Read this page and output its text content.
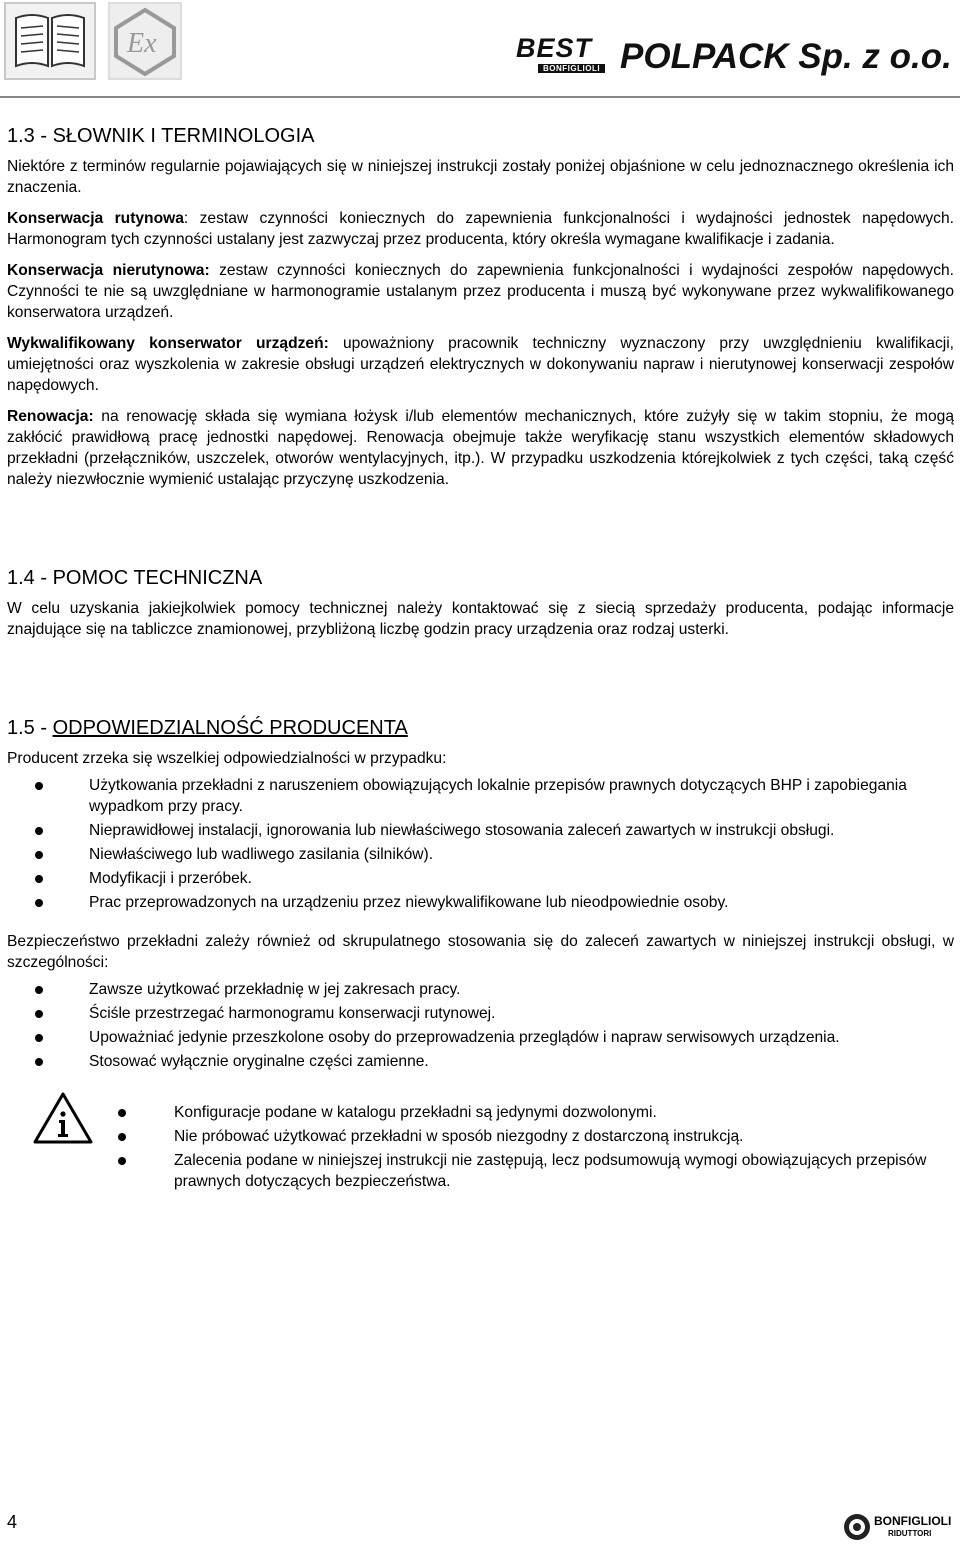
Ex	BEST
BONFIGLIOLI POLPACK Sp. z o.o.
1.3 - SŁOWNIK I TERMINOLOGIA

Niektóre z terminów regularnie pojawiających się w niniejszej instrukcji zostały poniżej objaśnione w celu jednoznacznego określenia ich znaczenia.

Konserwacja rutynowa: zestaw czynności koniecznych do zapewnienia funkcjonalności i wydajności jednostek napędowych. Harmonogram tych czynności ustalany jest zazwyczaj przez producenta, który określa wymagane kwalifikacje i zadania.

Konserwacja nierutynowa: zestaw czynności koniecznych do zapewnienia funkcjonalności i wydajności zespołów napędowych. Czynności te nie są uwzględniane w harmonogramie ustalanym przez producenta i muszą być wykonywane przez wykwalifikowanego konserwatora urządzeń.

Wykwalifikowany konserwator urządzeń: upoważniony pracownik techniczny wyznaczony przy uwzględnieniu kwalifikacji, umiejętności oraz wyszkolenia w zakresie obsługi urządzeń elektrycznych w dokonywaniu napraw i nierutynowej konserwacji zespołów napędowych.

Renowacja: na renowację składa się wymiana łożysk i/lub elementów mechanicznych, które zużyły się w takim stopniu, że mogą zakłócić prawidłową pracę jednostki napędowej. Renowacja obejmuje także weryfikację stanu wszystkich elementów składowych przekładni (przełączników, uszczelek, otworów wentylacyjnych, itp.). W przypadku uszkodzenia którejkolwiek z tych części, taką część należy niezwłocznie wymienić ustalając przyczynę uszkodzenia.

1.4 - POMOC TECHNICZNA

W celu uzyskania jakiejkolwiek pomocy technicznej należy kontaktować się z siecią sprzedaży producenta, podając informacje znajdujące się na tabliczce znamionowej, przybliżoną liczbę godzin pracy urządzenia oraz rodzaj usterki.

1.5 - ODPOWIEDZIALNOŚĆ PRODUCENTA

Producent zrzeka się wszelkiej odpowiedzialności w przypadku:

Użytkowania przekładni z naruszeniem obowiązujących lokalnie przepisów prawnych dotyczących BHP i zapobiegania wypadkom przy pracy.
Nieprawidłowej instalacji, ignorowania lub niewłaściwego stosowania zaleceń zawartych w instrukcji obsługi.
Niewłaściwego lub wadliwego zasilania (silników).
Modyfikacji i przeróbek.
Prac przeprowadzonych na urządzeniu przez niewykwalifikowane lub nieodpowiednie osoby.

Bezpieczeństwo przekładni zależy również od skrupulatnego stosowania się do zaleceń zawartych w niniejszej instrukcji obsługi, w szczególności:

Zawsze użytkować przekładnię w jej zakresach pracy.
Ściśle przestrzegać harmonogramu konserwacji rutynowej.
Upoważniać jedynie przeszkolone osoby do przeprowadzenia przeglądów i napraw serwisowych urządzenia.
Stosować wyłącznie oryginalne części zamienne.
Konfiguracje podane w katalogu przekładni są jedynymi dozwolonymi.
Nie próbować użytkować przekładni w sposób niezgodny z dostarczoną instrukcją.
Zalecenia podane w niniejszej instrukcji nie zastępują, lecz podsumowują wymogi obowiązujących przepisów prawnych dotyczących bezpieczeństwa.
4	BONFIGLIOLI
RIDUTTORI
